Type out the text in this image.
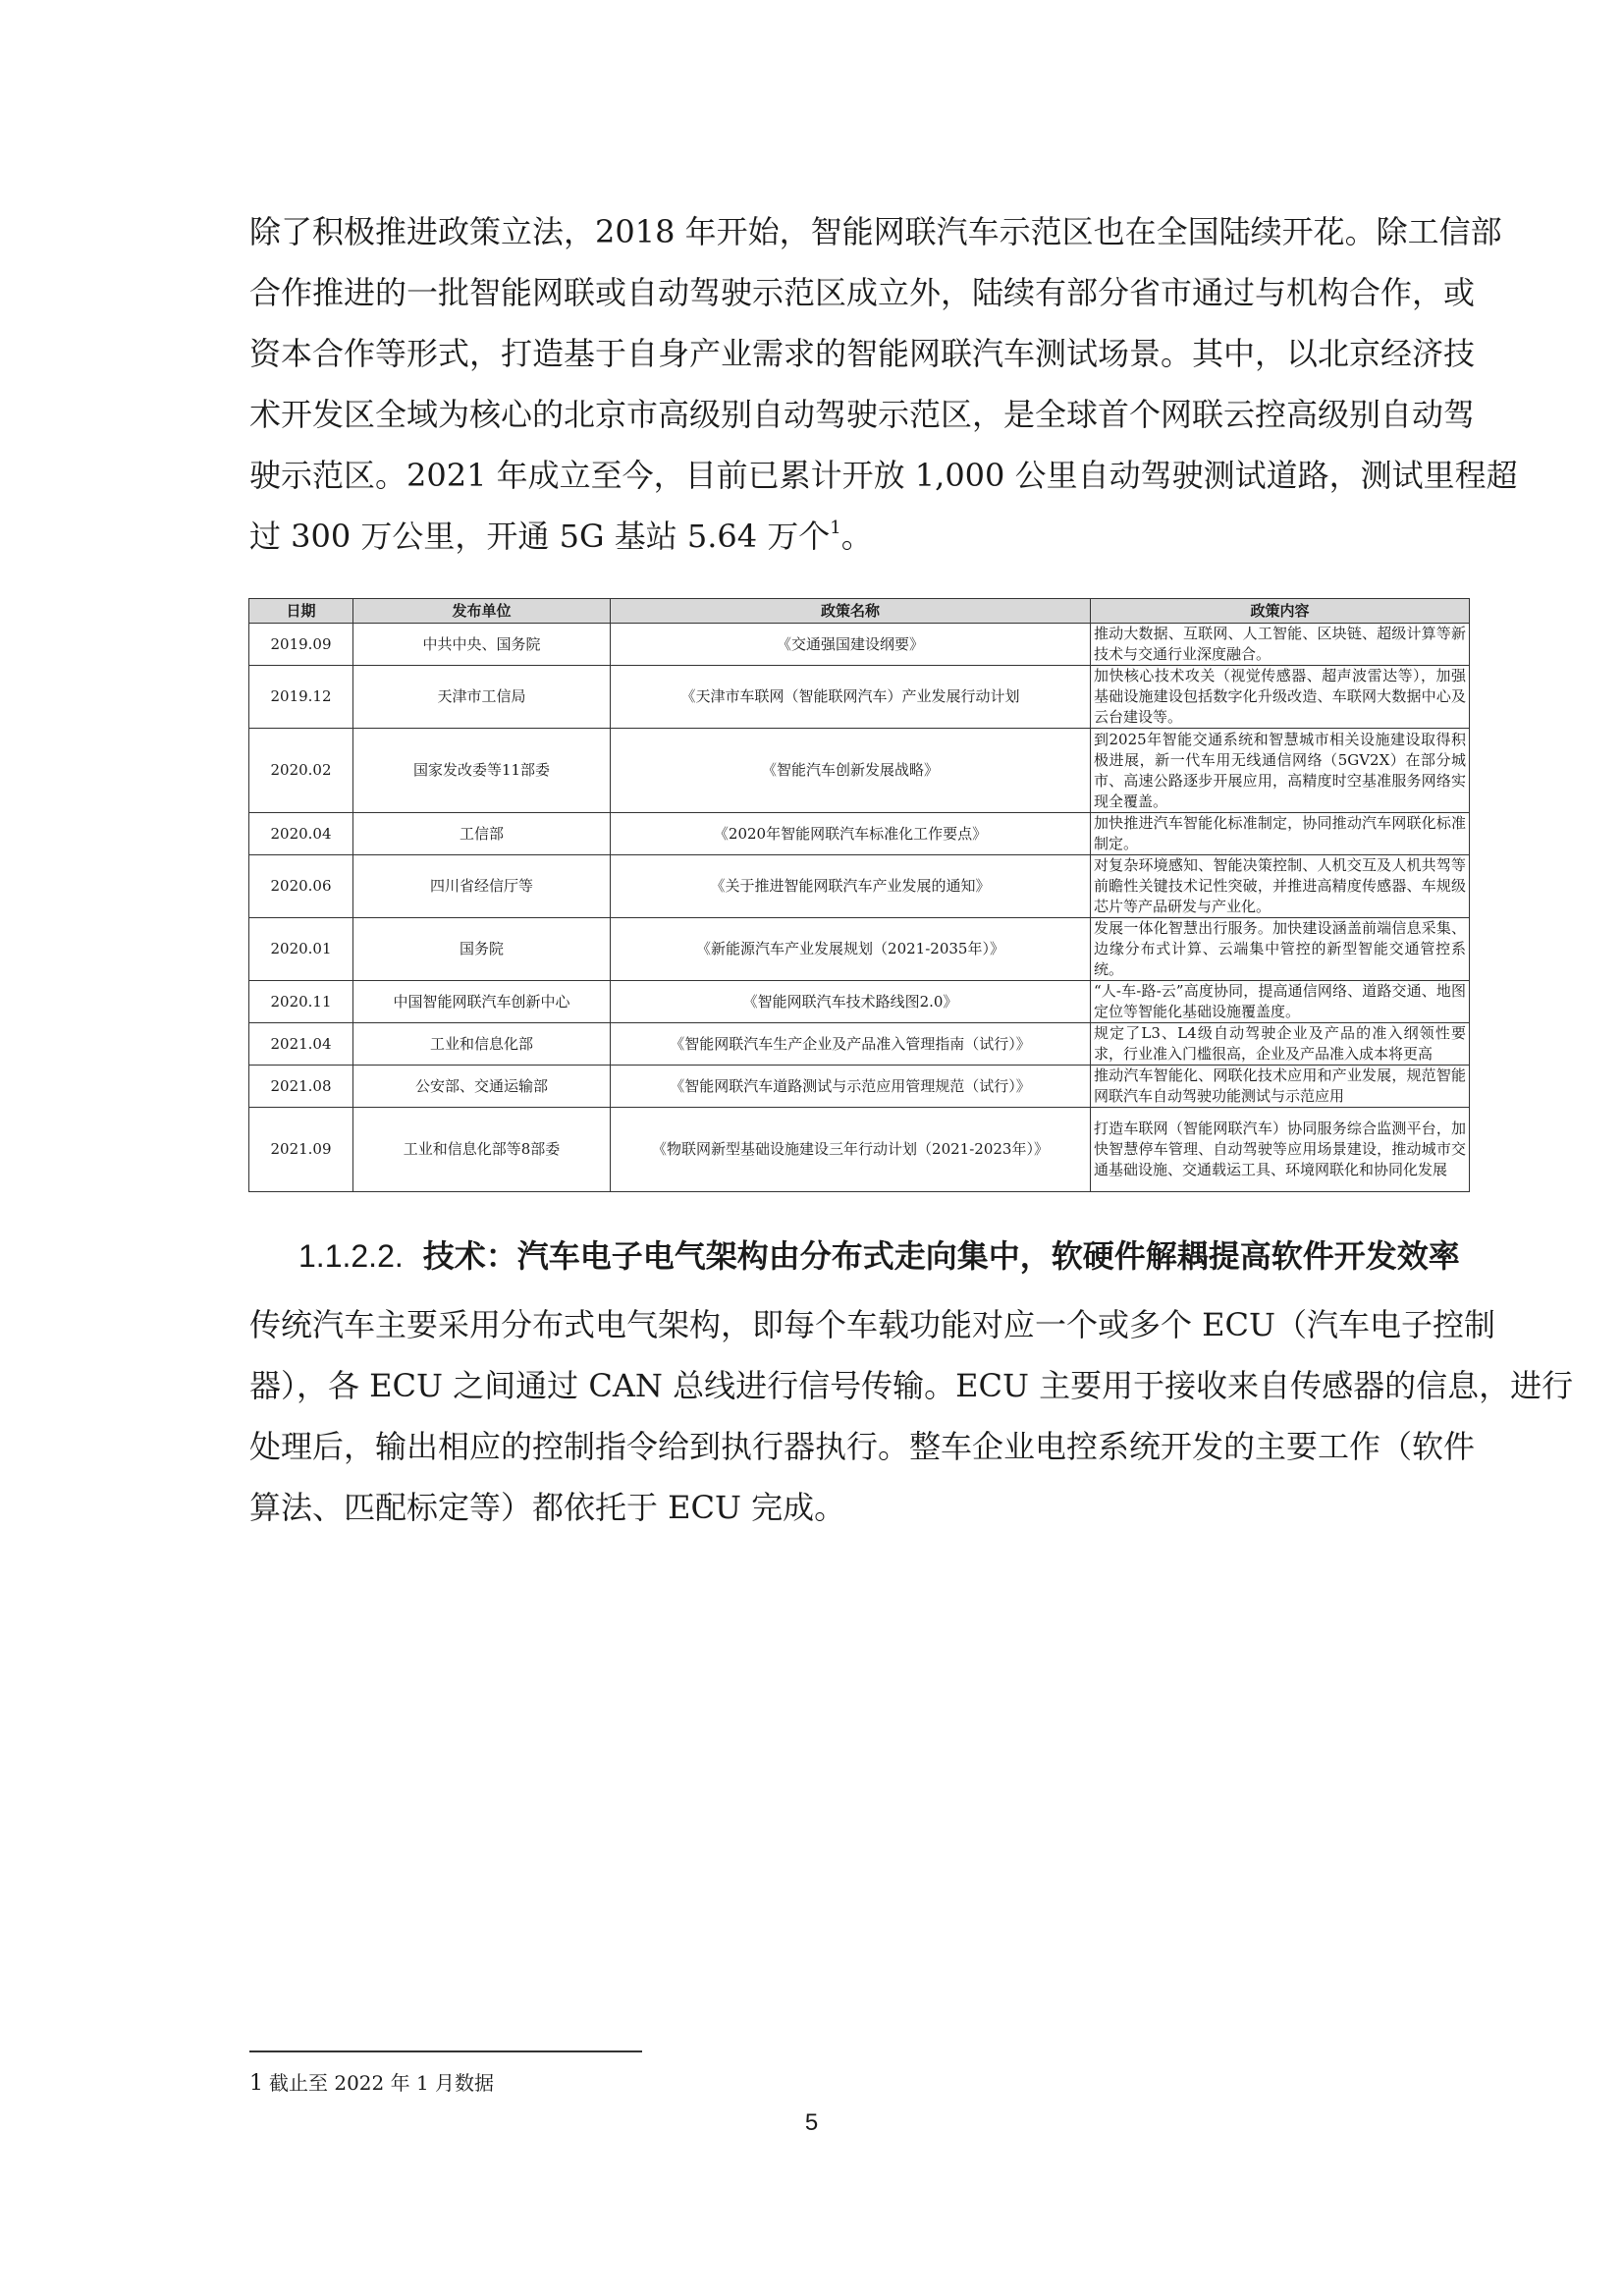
除了积极推进政策立法，2018 年开始，智能网联汽车示范区也在全国陆续开花。除工信部
合作推进的一批智能网联或自动驾驶示范区成立外，陆续有部分省市通过与机构合作，或
资本合作等形式，打造基于自身产业需求的智能网联汽车测试场景。其中，以北京经济技
术开发区全域为核心的北京市高级别自动驾驶示范区，是全球首个网联云控高级别自动驾
驶示范区。2021 年成立至今，目前已累计开放 1,000 公里自动驾驶测试道路，测试里程超
过 300 万公里，开通 5G 基站 5.64 万个$^1$。
日期	发布单位	政策名称	政策内容
2019.09	中共中央、国务院	《交通强国建设纲要》	推动大数据、互联网、人工智能、区块链、超级计算等新技术与交通行业深度融合。
2019.12	天津市工信局	《天津市车联网（智能联网汽车）产业发展行动计划	加快核心技术攻关（视觉传感器、超声波雷达等），加强基础设施建设包括数字化升级改造、车联网大数据中心及云台建设等。
2020.02	国家发改委等11部委	《智能汽车创新发展战略》	到2025年智能交通系统和智慧城市相关设施建设取得积极进展，新一代车用无线通信网络（5GV2X）在部分城市、高速公路逐步开展应用，高精度时空基准服务网络实现全覆盖。
2020.04	工信部	《2020年智能网联汽车标准化工作要点》	加快推进汽车智能化标准制定，协同推动汽车网联化标准制定。
2020.06	四川省经信厅等	《关于推进智能网联汽车产业发展的通知》	对复杂环境感知、智能决策控制、人机交互及人机共驾等前瞻性关键技术记性突破，并推进高精度传感器、车规级芯片等产品研发与产业化。
2020.01	国务院	《新能源汽车产业发展规划（2021-2035年）》	发展一体化智慧出行服务。加快建设涵盖前端信息采集、边缘分布式计算、云端集中管控的新型智能交通管控系统。
2020.11	中国智能网联汽车创新中心	《智能网联汽车技术路线图2.0》	“人-车-路-云”高度协同，提高通信网络、道路交通、地图定位等智能化基础设施覆盖度。
2021.04	工业和信息化部	《智能网联汽车生产企业及产品准入管理指南（试行）》	规定了L3、L4级自动驾驶企业及产品的准入纲领性要求，行业准入门槛很高，企业及产品准入成本将更高
2021.08	公安部、交通运输部	《智能网联汽车道路测试与示范应用管理规范（试行）》	推动汽车智能化、网联化技术应用和产业发展，规范智能网联汽车自动驾驶功能测试与示范应用
2021.09	工业和信息化部等8部委	《物联网新型基础设施建设三年行动计划（2021-2023年）》	打造车联网（智能网联汽车）协同服务综合监测平台，加快智慧停车管理、自动驾驶等应用场景建设，推动城市交通基础设施、交通载运工具、环境网联化和协同化发展
1.1.2.2. 技术：汽车电子电气架构由分布式走向集中，软硬件解耦提高软件开发效率
传统汽车主要采用分布式电气架构，即每个车载功能对应一个或多个 ECU（汽车电子控制
器），各 ECU 之间通过 CAN 总线进行信号传输。ECU 主要用于接收来自传感器的信息，进行
处理后，输出相应的控制指令给到执行器执行。整车企业电控系统开发的主要工作（软件
算法、匹配标定等）都依托于 ECU 完成。
1 截止至 2022 年 1 月数据
5
